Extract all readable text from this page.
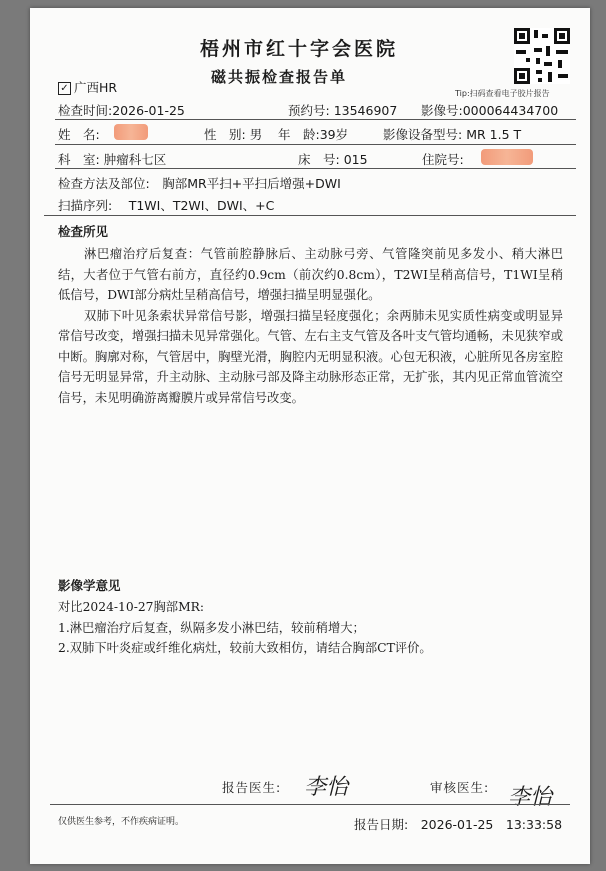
梧州市红十字会医院
磁共振检查报告单
Tip:扫码查看电子胶片报告
✓ 广西HR
检查时间:2026-01-25	预约号: 13546907 影像号:000064434700
姓　名:	性　别: 男 年　龄:39岁	影像设备型号: MR 1.5 T
科　室: 肿瘤科七区	床　号: 015	住院号:
检查方法及部位:　 胸部MR平扫+平扫后增强+DWI
扫描序列:　 T1WI、T2WI、DWI、+C
检查所见

淋巴瘤治疗后复查：气管前腔静脉后、主动脉弓旁、气管隆突前见多发小、稍大淋巴结，大者位于气管右前方，直径约0.9cm（前次约0.8cm），T2WI呈稍高信号，T1WI呈稍低信号，DWI部分病灶呈稍高信号，增强扫描呈明显强化。

双肺下叶见条索状异常信号影，增强扫描呈轻度强化；余两肺未见实质性病变或明显异常信号改变，增强扫描未见异常强化。气管、左右主支气管及各叶支气管均通畅，未见狭窄或中断。胸廓对称，气管居中，胸壁光滑，胸腔内无明显积液。心包无积液，心脏所见各房室腔信号无明显异常，升主动脉、主动脉弓部及降主动脉形态正常，无扩张，其内见正常血管流空信号，未见明确游离瓣膜片或异常信号改变。

影像学意见
对比2024-10-27胸部MR:
1.淋巴瘤治疗后复查，纵隔多发小淋巴结，较前稍增大；
2.双肺下叶炎症或纤维化病灶，较前大致相仿，请结合胸部CT评价。
报告医生: 李怡	审核医生: 李怡
仅供医生参考，不作疾病证明。	报告日期:　 2026-01-25　13:33:58
